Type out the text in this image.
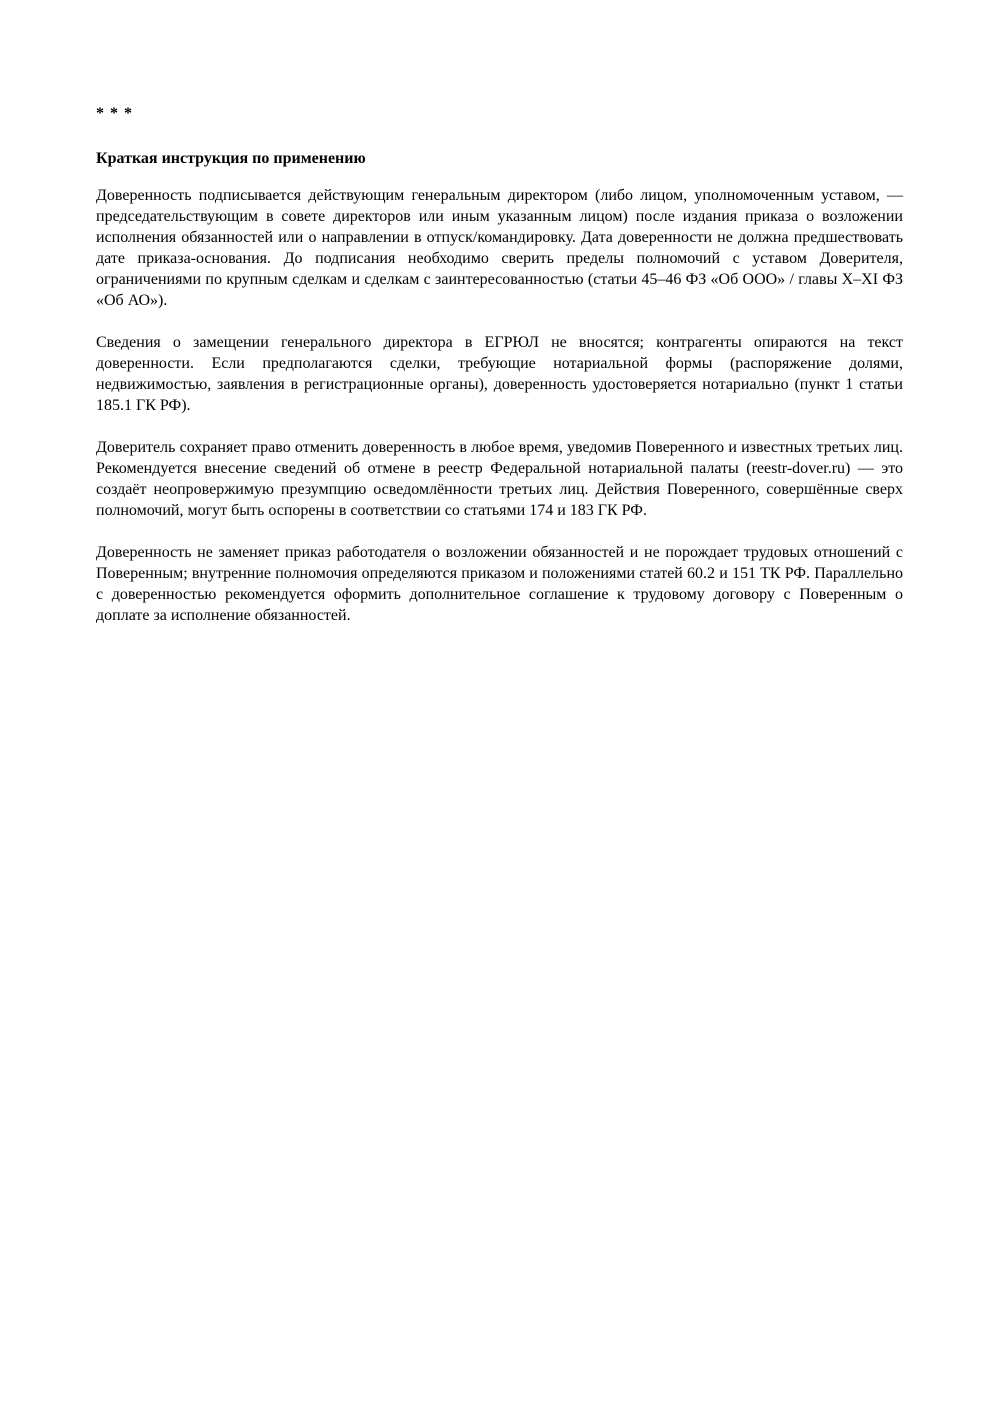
* * *
Краткая инструкция по применению

Доверенность подписывается действующим генеральным директором (либо лицом, уполномоченным уставом, — председательствующим в совете директоров или иным указанным лицом) после издания приказа о возложении исполнения обязанностей или о направлении в отпуск/командировку. Дата доверенности не должна предшествовать дате приказа-основания. До подписания необходимо сверить пределы полномочий с уставом Доверителя, ограничениями по крупным сделкам и сделкам с заинтересованностью (статьи 45–46 ФЗ «Об ООО» / главы X–XI ФЗ «Об АО»).

Сведения о замещении генерального директора в ЕГРЮЛ не вносятся; контрагенты опираются на текст доверенности. Если предполагаются сделки, требующие нотариальной формы (распоряжение долями, недвижимостью, заявления в регистрационные органы), доверенность удостоверяется нотариально (пункт 1 статьи 185.1 ГК РФ).

Доверитель сохраняет право отменить доверенность в любое время, уведомив Поверенного и известных третьих лиц. Рекомендуется внесение сведений об отмене в реестр Федеральной нотариальной палаты (reestr-dover.ru) — это создаёт неопровержимую презумпцию осведомлённости третьих лиц. Действия Поверенного, совершённые сверх полномочий, могут быть оспорены в соответствии со статьями 174 и 183 ГК РФ.

Доверенность не заменяет приказ работодателя о возложении обязанностей и не порождает трудовых отношений с Поверенным; внутренние полномочия определяются приказом и положениями статей 60.2 и 151 ТК РФ. Параллельно с доверенностью рекомендуется оформить дополнительное соглашение к трудовому договору с Поверенным о доплате за исполнение обязанностей.
